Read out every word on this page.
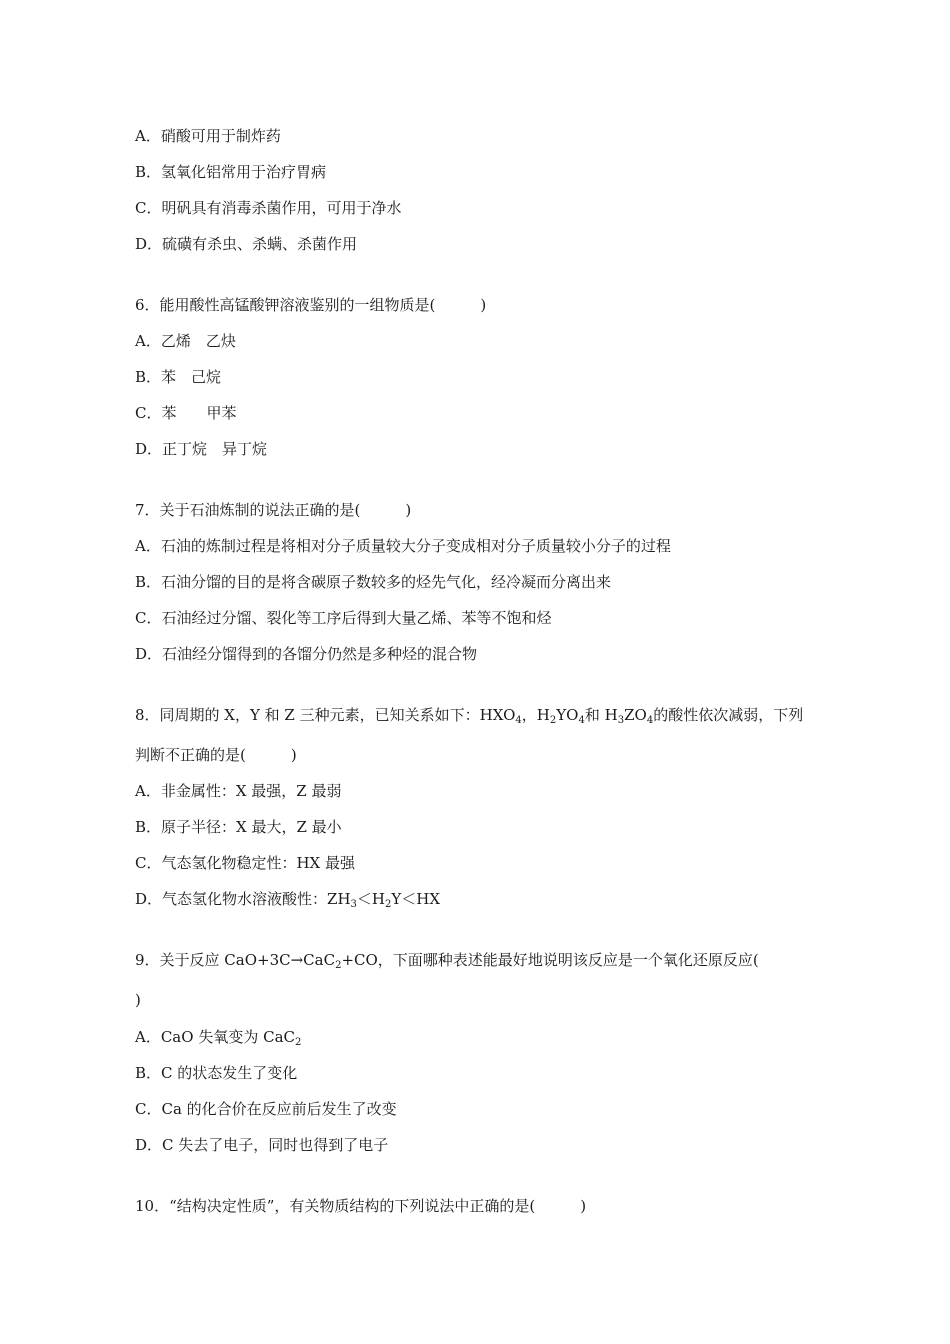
A．硝酸可用于制炸药
B．氢氧化铝常用于治疗胃病
C．明矾具有消毒杀菌作用，可用于净水
D．硫磺有杀虫、杀螨、杀菌作用
6．能用酸性高锰酸钾溶液鉴别的一组物质是(　　　)
A．乙烯　乙炔
B．苯　己烷
C．苯　　甲苯
D．正丁烷　异丁烷
7．关于石油炼制的说法正确的是(　　　)
A．石油的炼制过程是将相对分子质量较大分子变成相对分子质量较小分子的过程
B．石油分馏的目的是将含碳原子数较多的烃先气化，经冷凝而分离出来
C．石油经过分馏、裂化等工序后得到大量乙烯、苯等不饱和烃
D．石油经分馏得到的各馏分仍然是多种烃的混合物
8．同周期的 X，Y 和 Z 三种元素，已知关系如下：$HXO_4$，$H_2YO_4$和 $H_3ZO_4$的酸性依次减弱，下列
判断不正确的是(　　　)
A．非金属性：X 最强，Z 最弱
B．原子半径：X 最大，Z 最小
C．气态氢化物稳定性：HX 最强
D．气态氢化物水溶液酸性：$ZH_3<H_2Y<HX$
9．关于反应 CaO+3C→CaC$_2$+CO，下面哪种表述能最好地说明该反应是一个氧化还原反应(
)
A．CaO 失氧变为 CaC$_2$
B．C 的状态发生了变化
C．Ca 的化合价在反应前后发生了改变
D．C 失去了电子，同时也得到了电子
10．“结构决定性质”，有关物质结构的下列说法中正确的是(　　　)
